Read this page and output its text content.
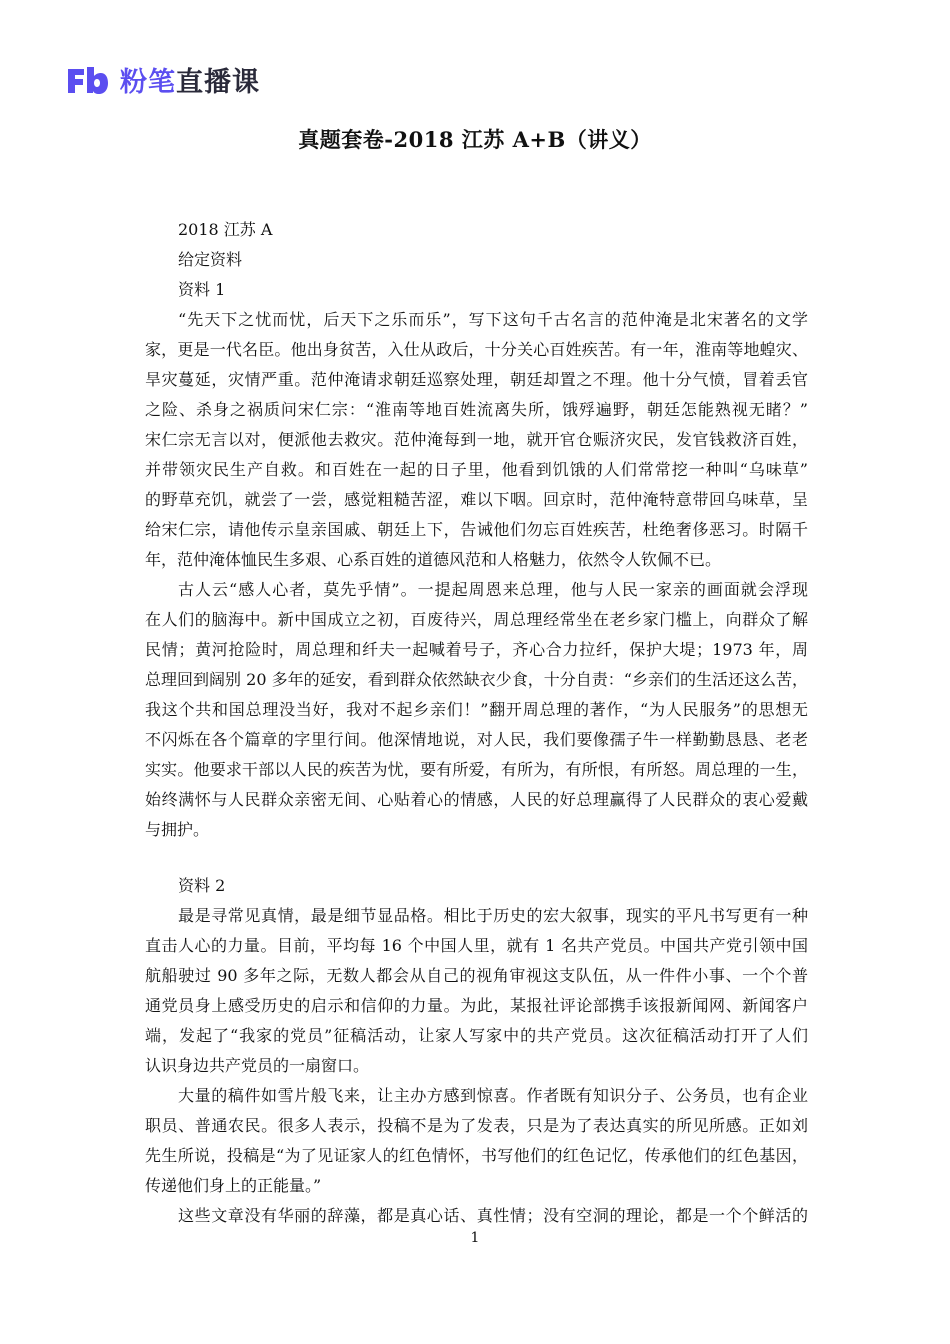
粉笔 直播课
真题套卷-2018 江苏 A+B（讲义）
2018 江苏 A
给定资料
资料 1
“先天下之忧而忧，后天下之乐而乐”，写下这句千古名言的范仲淹是北宋著名的文学
家，更是一代名臣。他出身贫苦，入仕从政后，十分关心百姓疾苦。有一年，淮南等地蝗灾、
旱灾蔓延，灾情严重。范仲淹请求朝廷巡察处理，朝廷却置之不理。他十分气愤，冒着丢官
之险、杀身之祸质问宋仁宗：“淮南等地百姓流离失所，饿殍遍野，朝廷怎能熟视无睹？”
宋仁宗无言以对，便派他去救灾。范仲淹每到一地，就开官仓赈济灾民，发官钱救济百姓，
并带领灾民生产自救。和百姓在一起的日子里，他看到饥饿的人们常常挖一种叫“乌味草”
的野草充饥，就尝了一尝，感觉粗糙苦涩，难以下咽。回京时，范仲淹特意带回乌味草，呈
给宋仁宗，请他传示皇亲国戚、朝廷上下，告诫他们勿忘百姓疾苦，杜绝奢侈恶习。时隔千
年，范仲淹体恤民生多艰、心系百姓的道德风范和人格魅力，依然令人钦佩不已。
古人云“感人心者，莫先乎情”。一提起周恩来总理，他与人民一家亲的画面就会浮现
在人们的脑海中。新中国成立之初，百废待兴，周总理经常坐在老乡家门槛上，向群众了解
民情；黄河抢险时，周总理和纤夫一起喊着号子，齐心合力拉纤，保护大堤；1973 年，周
总理回到阔别 20 多年的延安，看到群众依然缺衣少食，十分自责：“乡亲们的生活还这么苦，
我这个共和国总理没当好，我对不起乡亲们！”翻开周总理的著作，“为人民服务”的思想无
不闪烁在各个篇章的字里行间。他深情地说，对人民，我们要像孺子牛一样勤勤恳恳、老老
实实。他要求干部以人民的疾苦为忧，要有所爱，有所为，有所恨，有所怒。周总理的一生，
始终满怀与人民群众亲密无间、心贴着心的情感，人民的好总理赢得了人民群众的衷心爱戴
与拥护。
资料 2
最是寻常见真情，最是细节显品格。相比于历史的宏大叙事，现实的平凡书写更有一种
直击人心的力量。目前，平均每 16 个中国人里，就有 1 名共产党员。中国共产党引领中国
航船驶过 90 多年之际，无数人都会从自己的视角审视这支队伍，从一件件小事、一个个普
通党员身上感受历史的启示和信仰的力量。为此，某报社评论部携手该报新闻网、新闻客户
端，发起了“我家的党员”征稿活动，让家人写家中的共产党员。这次征稿活动打开了人们
认识身边共产党员的一扇窗口。
大量的稿件如雪片般飞来，让主办方感到惊喜。作者既有知识分子、公务员，也有企业
职员、普通农民。很多人表示，投稿不是为了发表，只是为了表达真实的所见所感。正如刘
先生所说，投稿是“为了见证家人的红色情怀，书写他们的红色记忆，传承他们的红色基因，
传递他们身上的正能量。”
这些文章没有华丽的辞藻，都是真心话、真性情；没有空洞的理论，都是一个个鲜活的
1
